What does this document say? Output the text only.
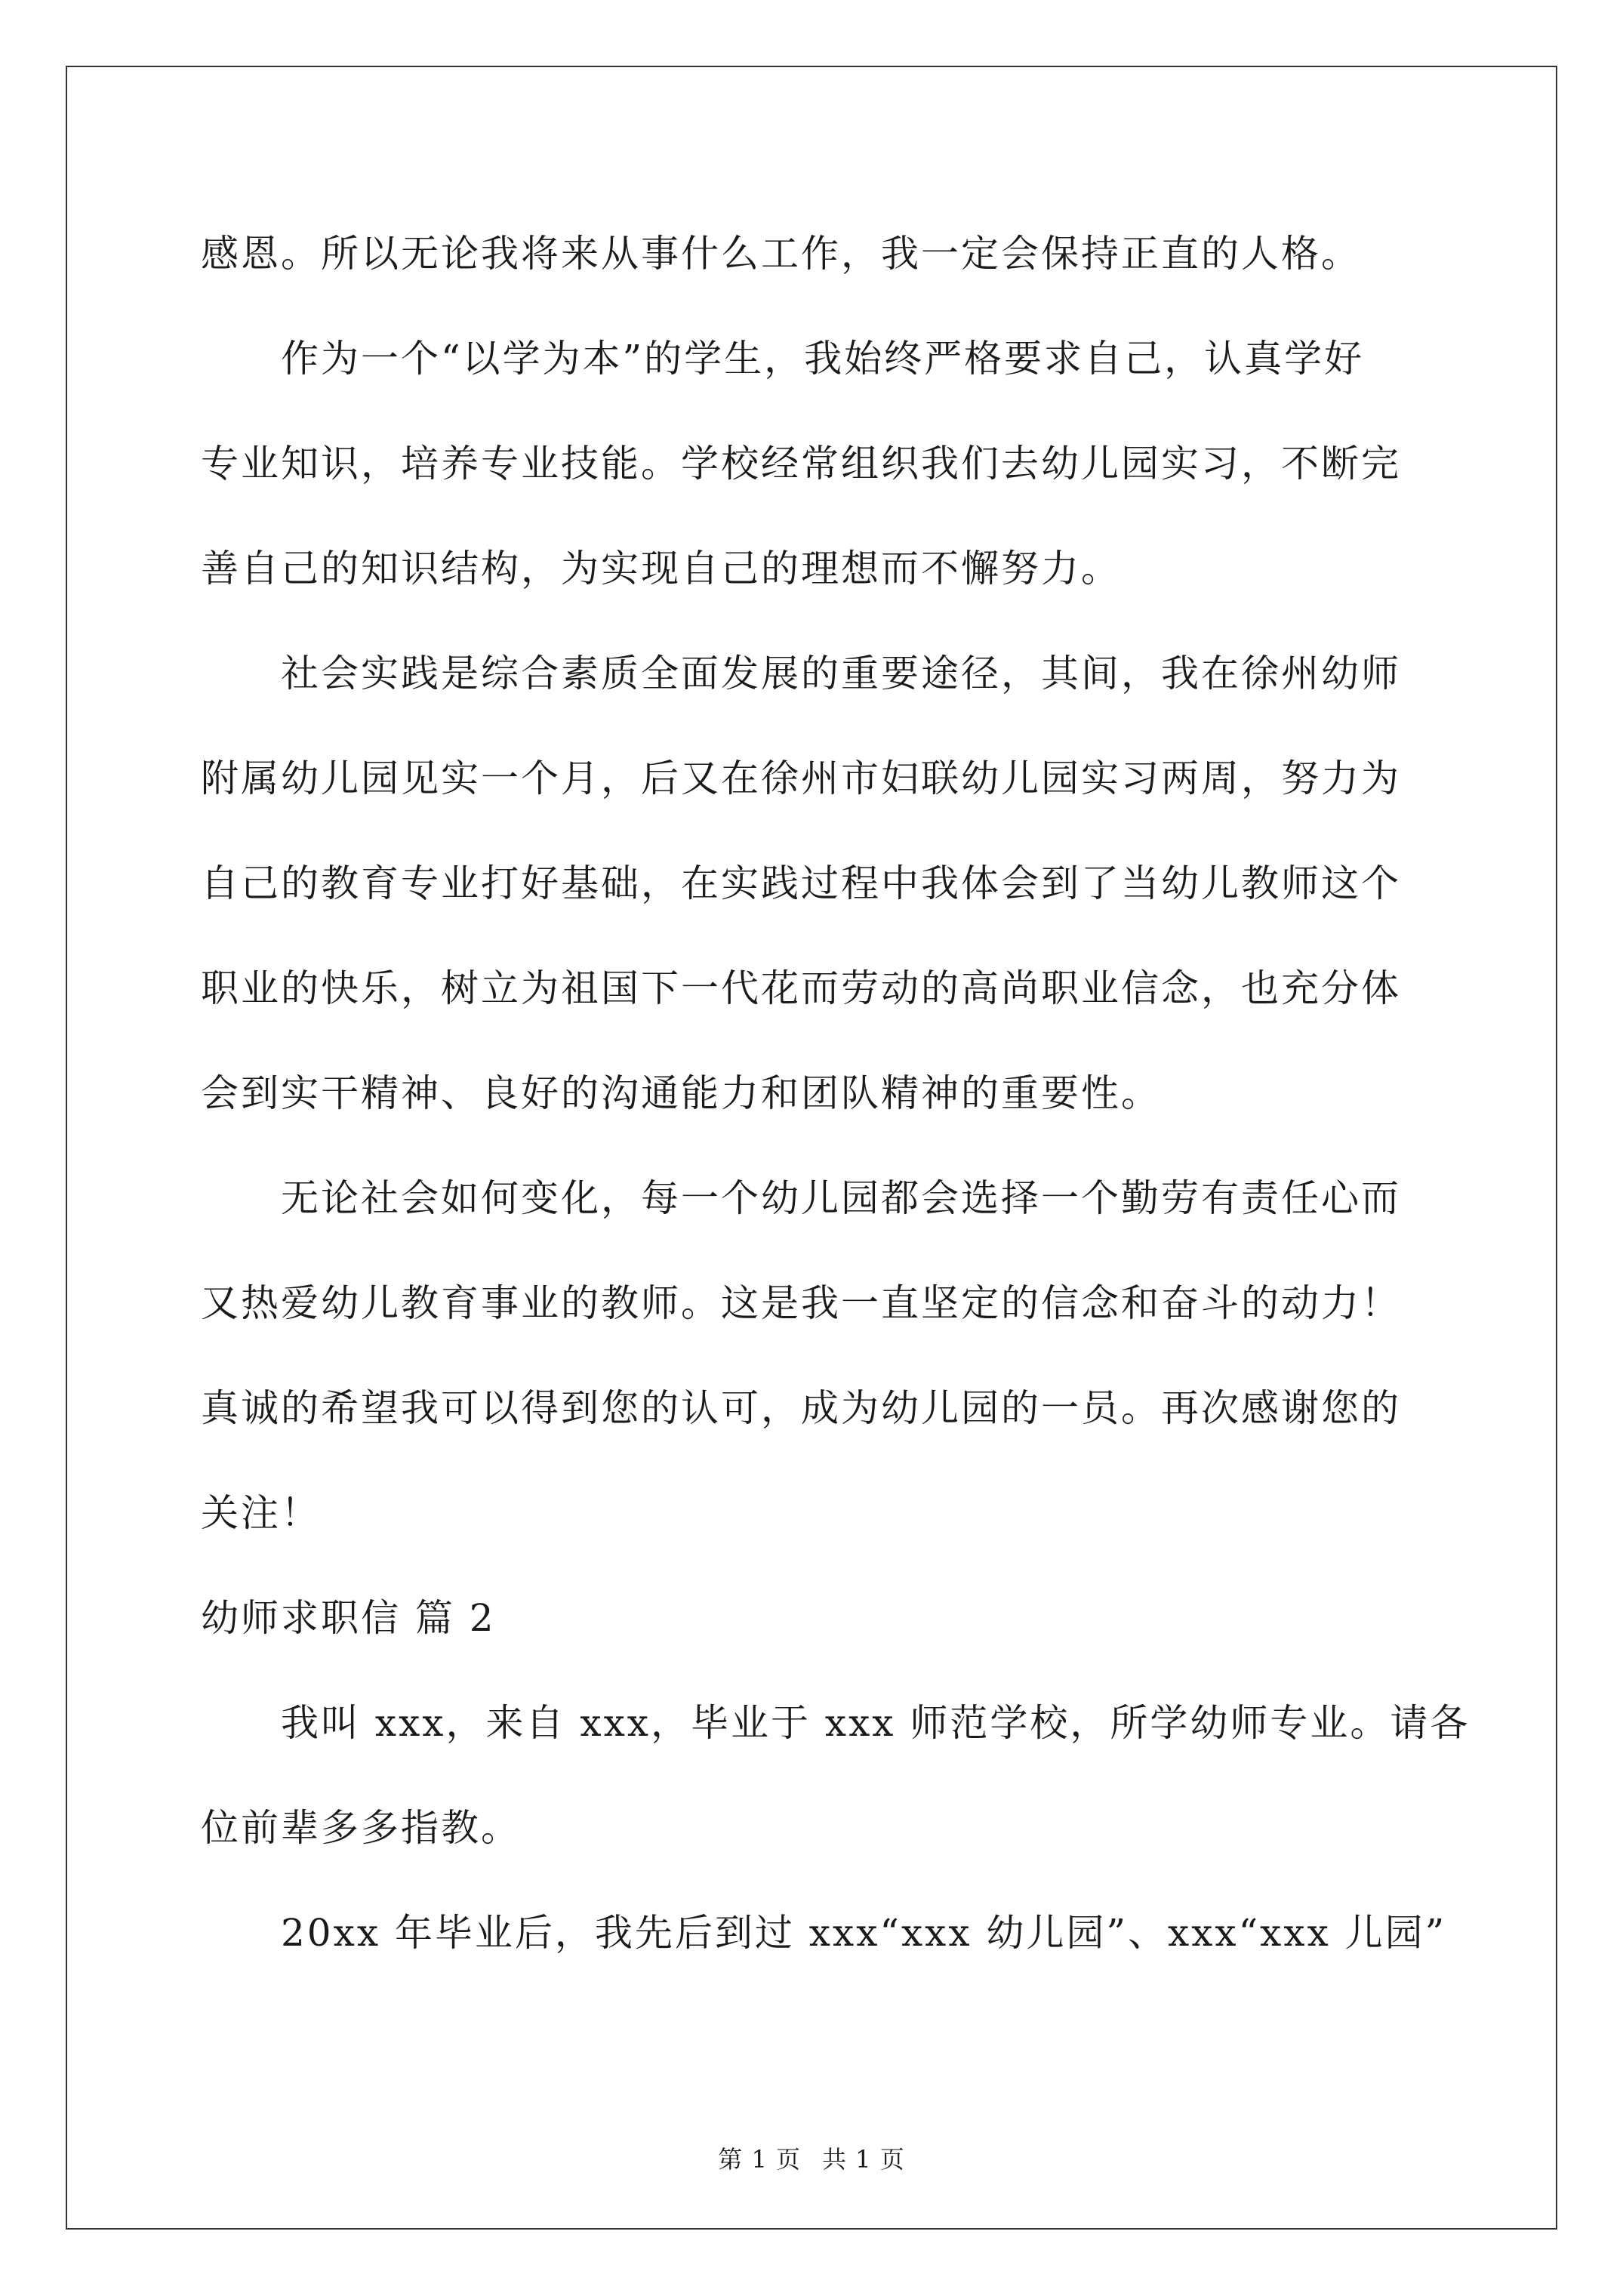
感恩。所以无论我将来从事什么工作，我一定会保持正直的人格。
作为一个“以学为本”的学生，我始终严格要求自己，认真学好
专业知识，培养专业技能。学校经常组织我们去幼儿园实习，不断完
善自己的知识结构，为实现自己的理想而不懈努力。
社会实践是综合素质全面发展的重要途径，其间，我在徐州幼师
附属幼儿园见实一个月，后又在徐州市妇联幼儿园实习两周，努力为
自己的教育专业打好基础，在实践过程中我体会到了当幼儿教师这个
职业的快乐，树立为祖国下一代花而劳动的高尚职业信念，也充分体
会到实干精神、良好的沟通能力和团队精神的重要性。
无论社会如何变化，每一个幼儿园都会选择一个勤劳有责任心而
又热爱幼儿教育事业的教师。这是我一直坚定的信念和奋斗的动力！
真诚的希望我可以得到您的认可，成为幼儿园的一员。再次感谢您的
关注！
幼师求职信 篇 2
我叫 xxx，来自 xxx，毕业于 xxx 师范学校，所学幼师专业。请各
位前辈多多指教。
20xx 年毕业后，我先后到过 xxx“xxx 幼儿园”、xxx“xxx 儿园”
第 1 页 共 1 页
